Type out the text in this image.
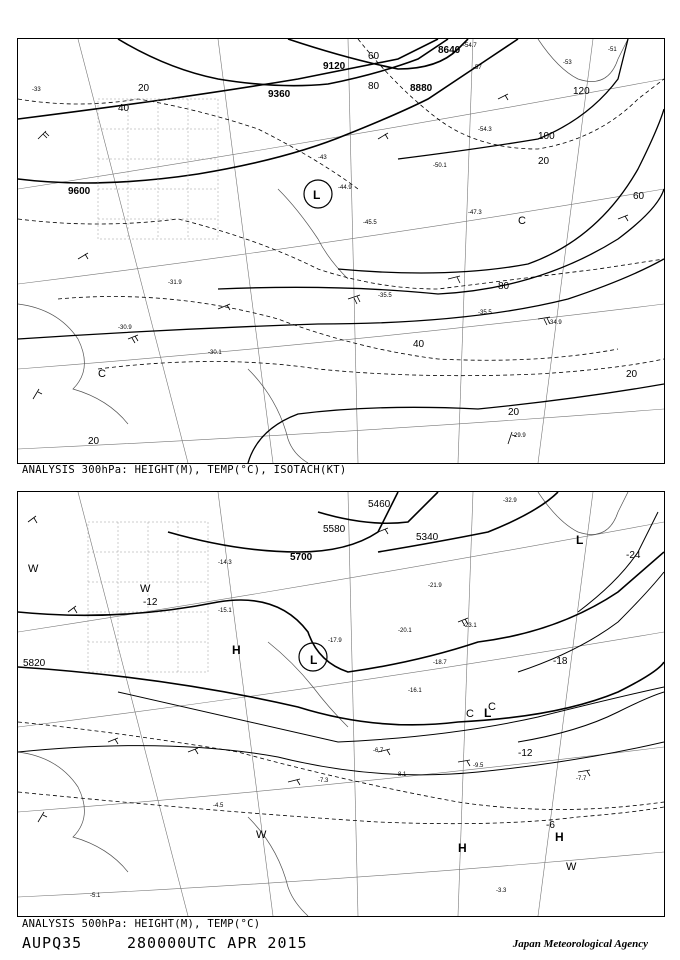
9600
9360
9120
8880
8640
20
40
60
80
100
120
20
40
60
80
20
20
20
-33
-31.9
-30.9
-35.5
-34.9
-35.5
-30.1
-29.9
-43
-45.5
-44.9
-47.3
-50.1
-54.3
-57
-53
-51
-54.7
L
C
C
ANALYSIS 300hPa: HEIGHT(M), TEMP(°C), ISOTACH(KT)
5820
5700
5580
5460
5340
-12
-18
-24
-12
-6
-14.3
-15.1
-16.1
-17.9
-20.1
-21.9
-23.1
-18.7
-9.5
-7.7
-8.1
-6.7
-7.3
-4.5
-3.3
-5.1
-32.9
L
L
L
H
H
H
W
W
W
W
C
C
ANALYSIS 500hPa: HEIGHT(M), TEMP(°C)
AUPQ35	280000UTC APR 2015	Japan Meteorological Agency
